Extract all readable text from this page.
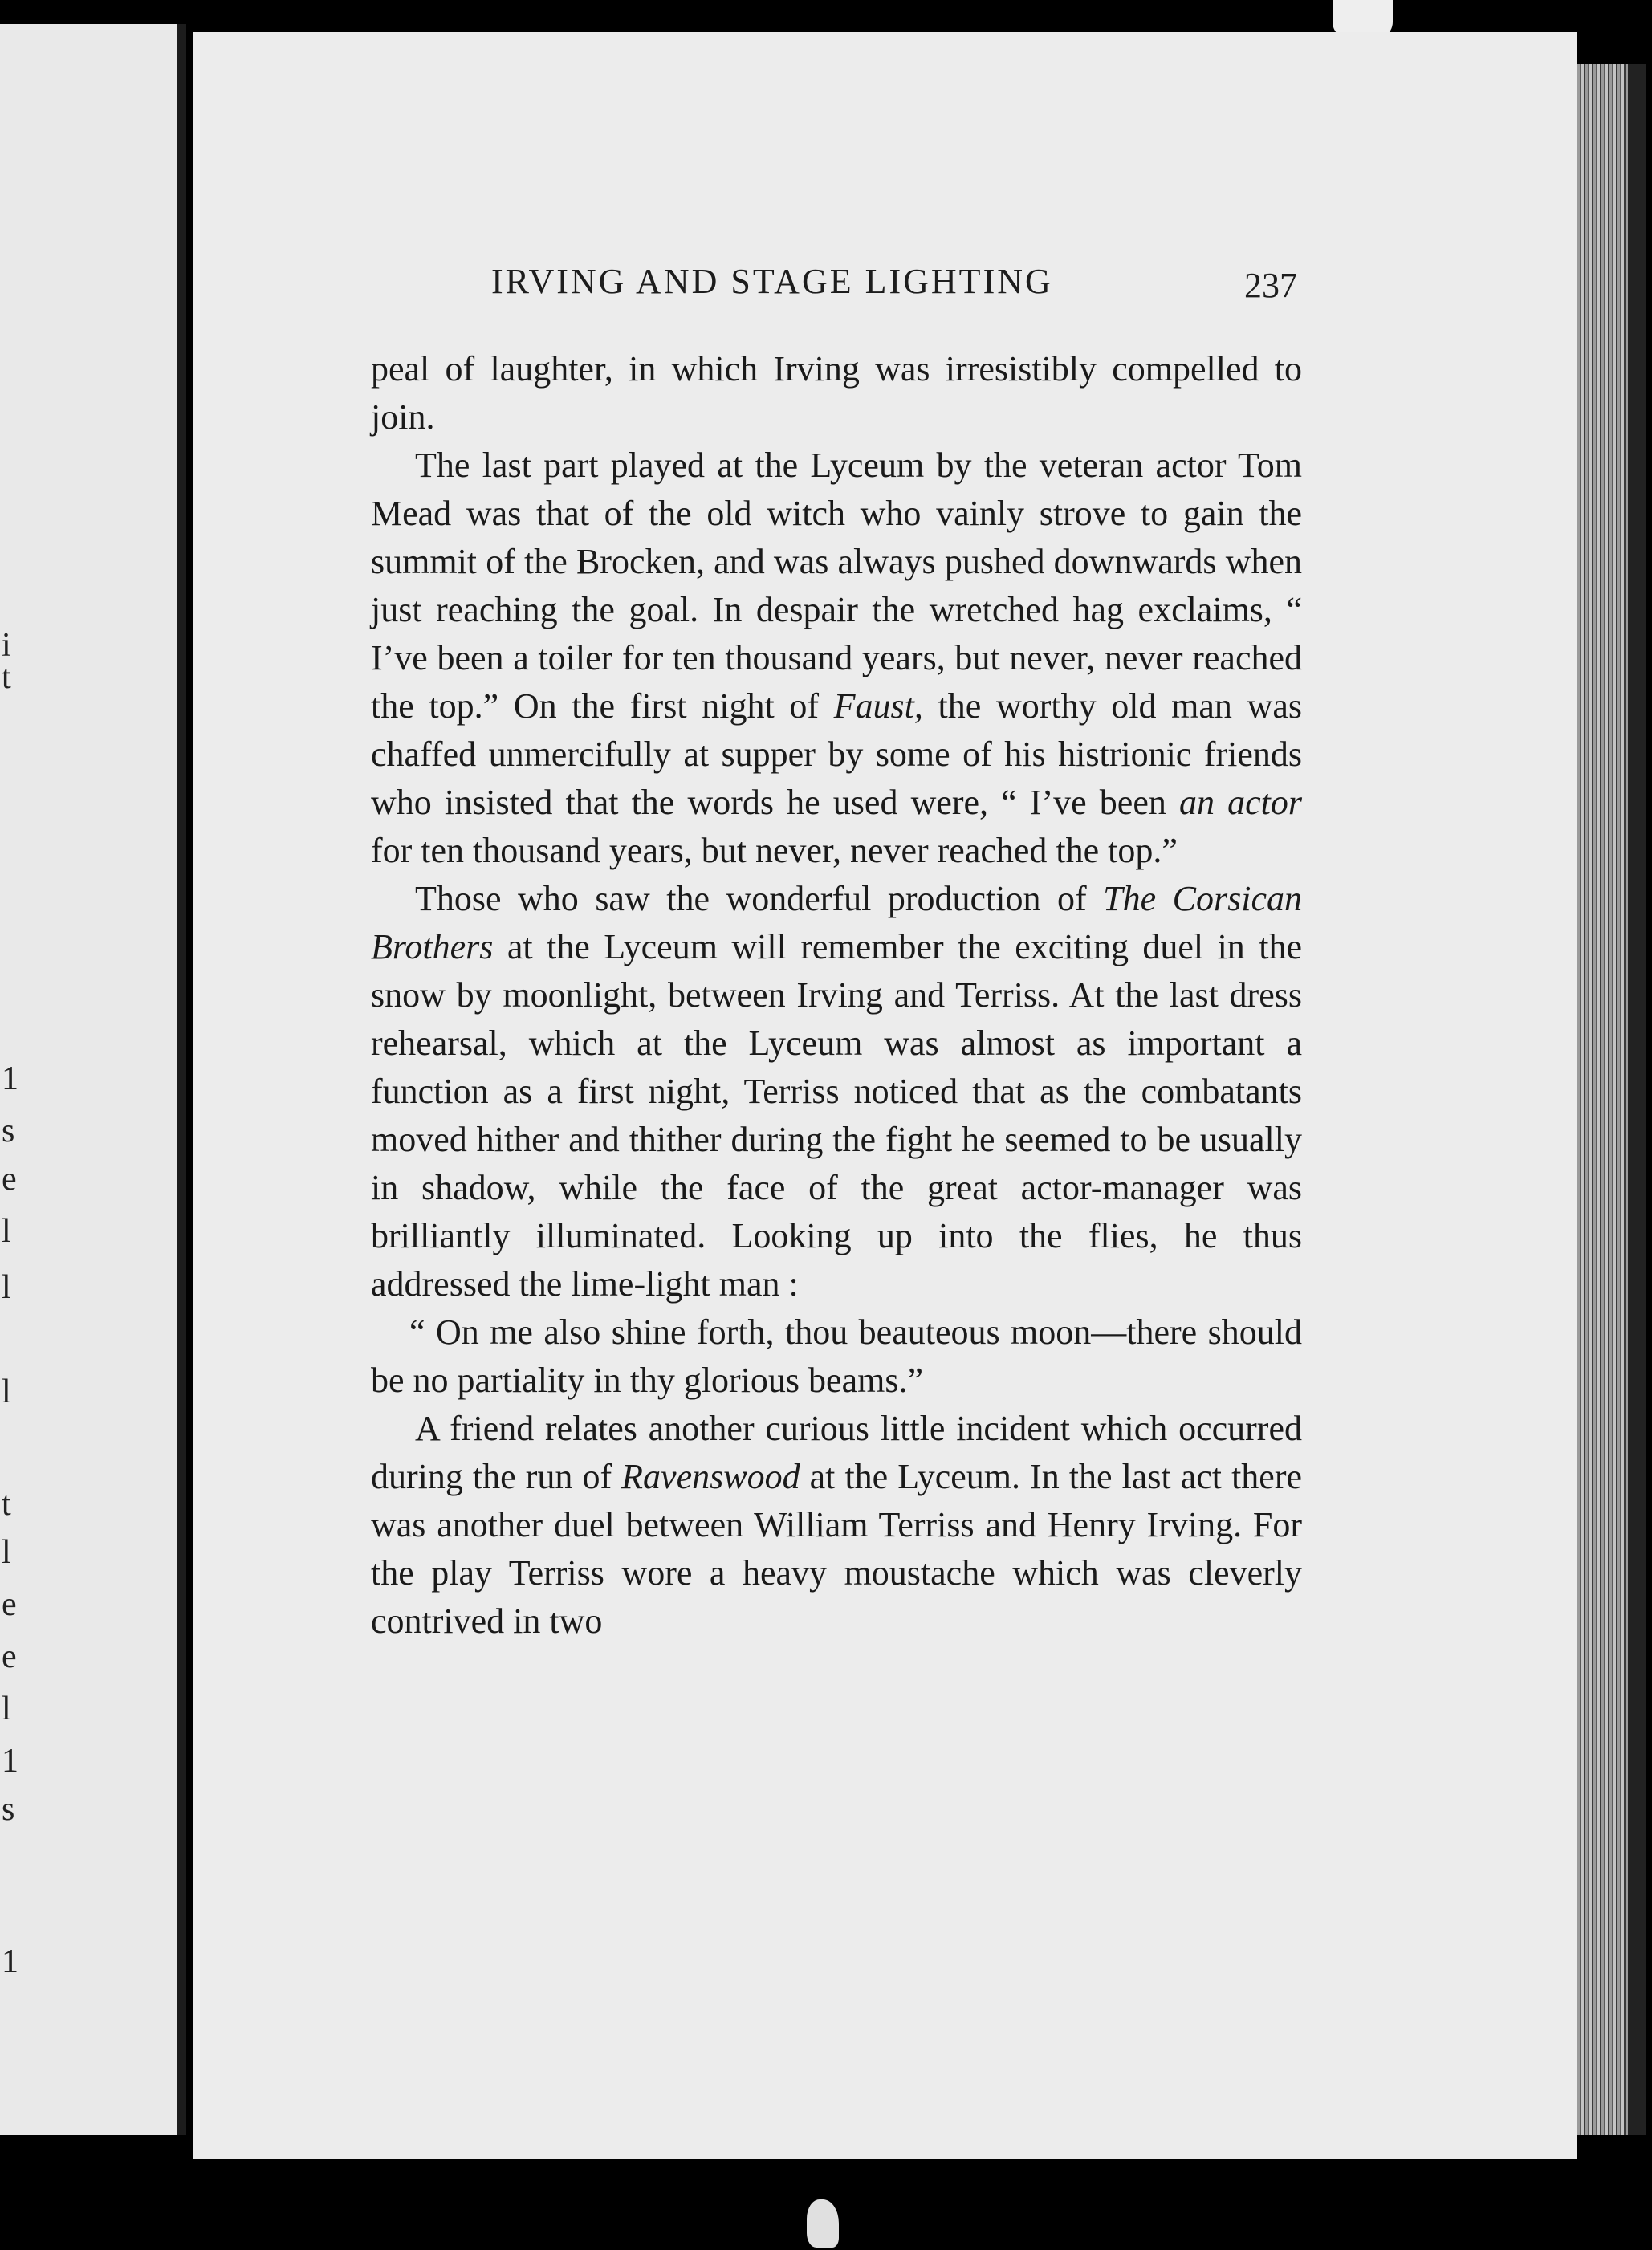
i
t
1
s
e
l
l
l
t
l
e
e
l
1
s
1
IRVING AND STAGE LIGHTING	237

peal of laughter, in which Irving was irresistibly compelled to join.

The last part played at the Lyceum by the veteran actor Tom Mead was that of the old witch who vainly strove to gain the summit of the Brocken, and was always pushed downwards when just reaching the goal. In despair the wretched hag exclaims, “ I’ve been a toiler for ten thousand years, but never, never reached the top.” On the first night of Faust, the worthy old man was chaffed unmercifully at supper by some of his histrionic friends who insisted that the words he used were, “ I’ve been an actor for ten thousand years, but never, never reached the top.”

Those who saw the wonderful production of The Corsican Brothers at the Lyceum will remember the exciting duel in the snow by moonlight, between Irving and Terriss. At the last dress rehearsal, which at the Lyceum was almost as important a function as a first night, Terriss noticed that as the combatants moved hither and thither during the fight he seemed to be usually in shadow, while the face of the great actor-manager was brilliantly illuminated. Looking up into the flies, he thus addressed the lime-light man :

“ On me also shine forth, thou beauteous moon—there should be no partiality in thy glorious beams.”

A friend relates another curious little incident which occurred during the run of Ravenswood at the Lyceum. In the last act there was another duel between William Terriss and Henry Irving. For the play Terriss wore a heavy moustache which was cleverly contrived in two
